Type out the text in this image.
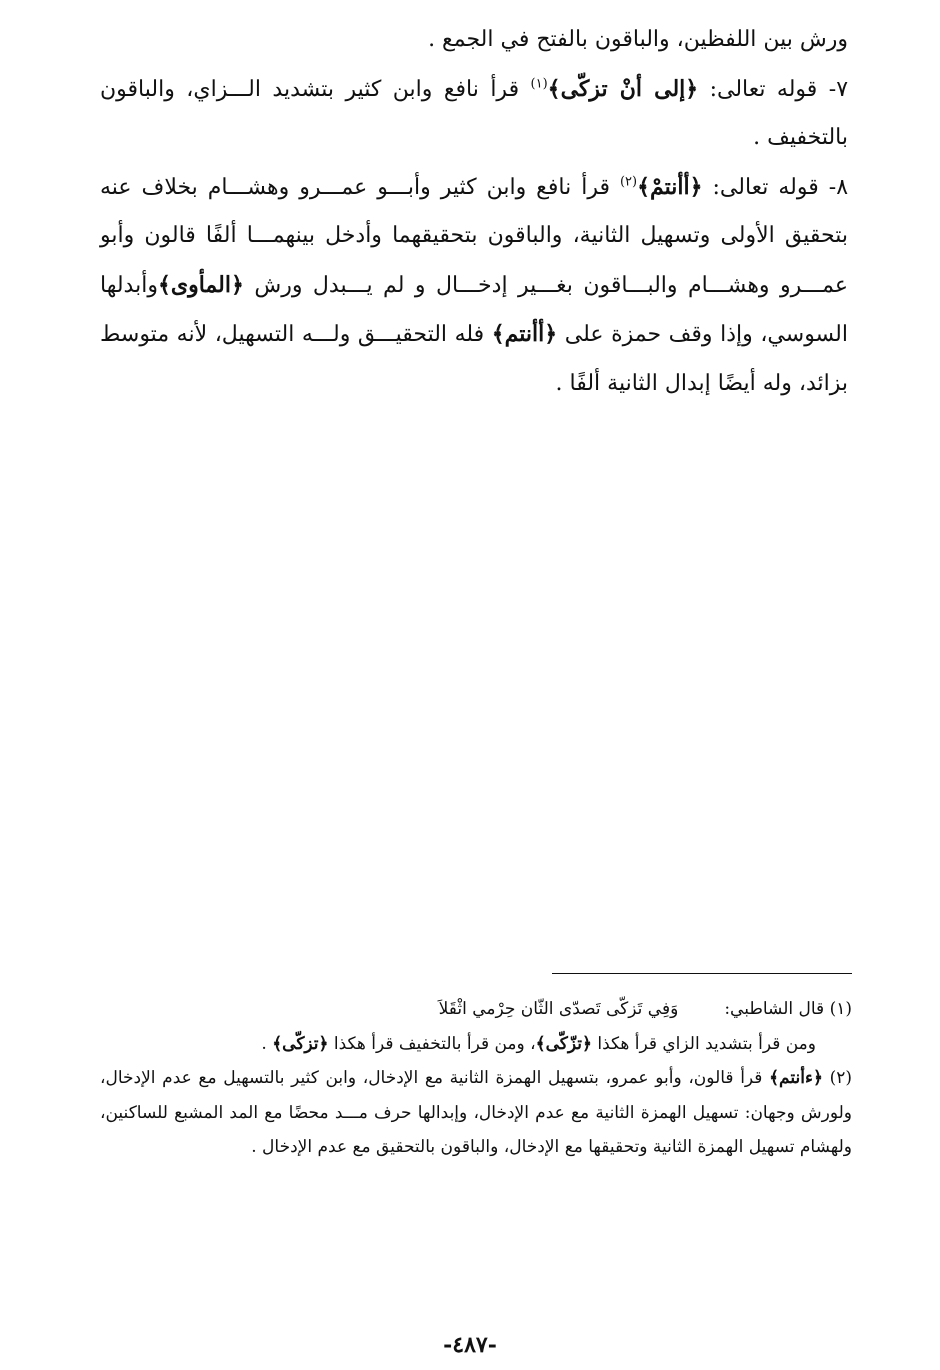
ورش بين اللفظين، والباقون بالفتح في الجمع .

٧- قوله تعالى: ﴿إلى أنْ تزكّى﴾$^{(١)}$ قرأ نافع وابن كثير بتشديد الـــزاي، والباقون بالتخفيف .

٨- قوله تعالى: ﴿أأنتمْ﴾$^{(٢)}$ قرأ نافع وابن كثير وأبـــو عمـــرو وهشـــام بخلاف عنه بتحقيق الأولى وتسهيل الثانية، والباقون بتحقيقهما وأدخل بينهمـــا ألفًا قالون وأبو عمـــرو وهشـــام والبـــاقون بغـــير إدخـــال و لم يـــبدل ورش ﴿المأوى﴾وأبدلها السوسي، وإذا وقف حمزة على ﴿أأنتم﴾ فله التحقيـــق ولـــه التسهيل، لأنه متوسط بزائد، وله أيضًا إبدال الثانية ألفًا .

(١) قال الشاطبي:وَفِي تَزكّى تَصدّى الثّان حِرْمي اثْقَلاَ

ومن قرأ بتشديد الزاي قرأ هكذا ﴿تزّكّى﴾، ومن قرأ بالتخفيف قرأ هكذا ﴿تزكّى﴾ .

(٢) ﴿ءأنتم﴾ قرأ قالون، وأبو عمرو، بتسهيل الهمزة الثانية مع الإدخال، وابن كثير بالتسهيل مع عدم الإدخال، ولورش وجهان: تسهيل الهمزة الثانية مع عدم الإدخال، وإبدالها حرف مـــد محضًا مع المد المشبع للساكنين، ولهشام تسهيل الهمزة الثانية وتحقيقها مع الإدخال، والباقون بالتحقيق مع عدم الإدخال .

-٤٨٧-
